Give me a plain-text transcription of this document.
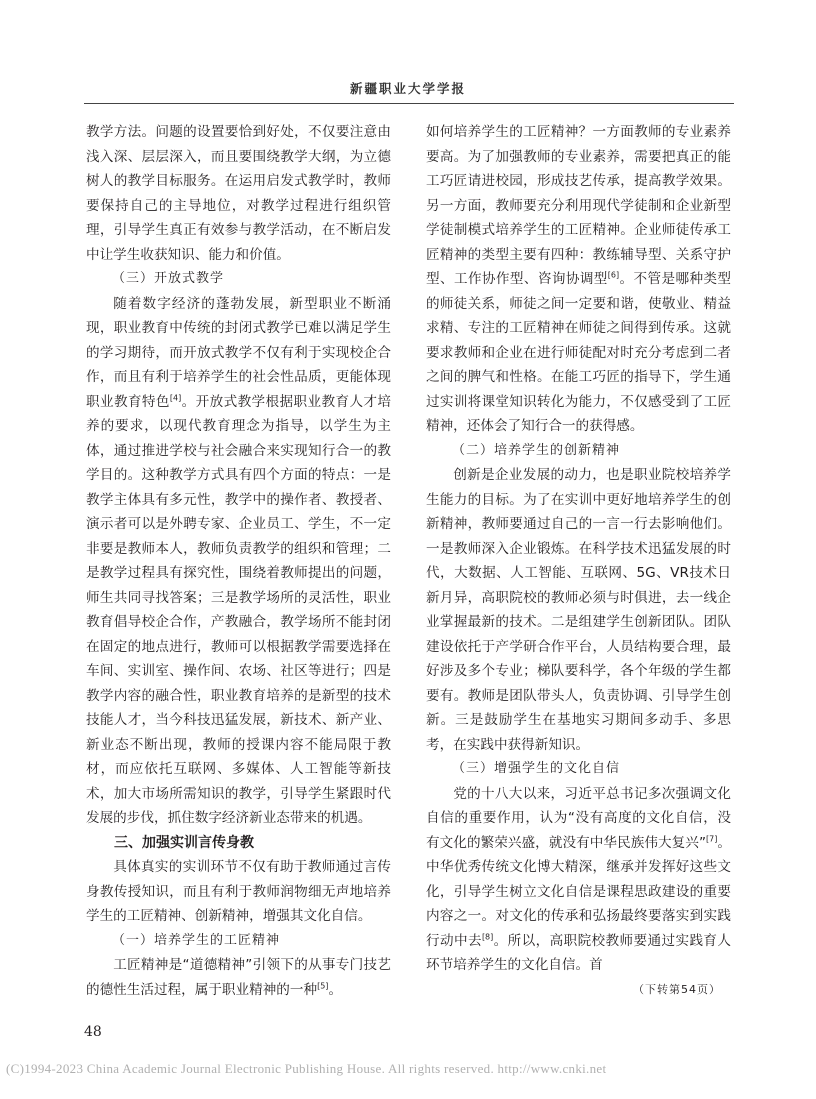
新疆职业大学学报

教学方法。问题的设置要恰到好处，不仅要注意由浅入深、层层深入，而且要围绕教学大纲，为立德树人的教学目标服务。在运用启发式教学时，教师要保持自己的主导地位，对教学过程进行组织管理，引导学生真正有效参与教学活动，在不断启发中让学生收获知识、能力和价值。

（三）开放式教学

随着数字经济的蓬勃发展，新型职业不断涌现，职业教育中传统的封闭式教学已难以满足学生的学习期待，而开放式教学不仅有利于实现校企合作，而且有利于培养学生的社会性品质，更能体现职业教育特色[4]。开放式教学根据职业教育人才培养的要求，以现代教育理念为指导，以学生为主体，通过推进学校与社会融合来实现知行合一的教学目的。这种教学方式具有四个方面的特点：一是教学主体具有多元性，教学中的操作者、教授者、演示者可以是外聘专家、企业员工、学生，不一定非要是教师本人，教师负责教学的组织和管理；二是教学过程具有探究性，围绕着教师提出的问题，师生共同寻找答案；三是教学场所的灵活性，职业教育倡导校企合作，产教融合，教学场所不能封闭在固定的地点进行，教师可以根据教学需要选择在车间、实训室、操作间、农场、社区等进行；四是教学内容的融合性，职业教育培养的是新型的技术技能人才，当今科技迅猛发展，新技术、新产业、新业态不断出现，教师的授课内容不能局限于教材，而应依托互联网、多媒体、人工智能等新技术，加大市场所需知识的教学，引导学生紧跟时代发展的步伐，抓住数字经济新业态带来的机遇。

三、加强实训言传身教

具体真实的实训环节不仅有助于教师通过言传身教传授知识，而且有利于教师润物细无声地培养学生的工匠精神、创新精神，增强其文化自信。

（一）培养学生的工匠精神

工匠精神是“道德精神”引领下的从事专门技艺的德性生活过程，属于职业精神的一种[5]。

如何培养学生的工匠精神？一方面教师的专业素养要高。为了加强教师的专业素养，需要把真正的能工巧匠请进校园，形成技艺传承，提高教学效果。另一方面，教师要充分利用现代学徒制和企业新型学徒制模式培养学生的工匠精神。企业师徒传承工匠精神的类型主要有四种：教练辅导型、关系守护型、工作协作型、咨询协调型[6]。不管是哪种类型的师徒关系，师徒之间一定要和谐，使敬业、精益求精、专注的工匠精神在师徒之间得到传承。这就要求教师和企业在进行师徒配对时充分考虑到二者之间的脾气和性格。在能工巧匠的指导下，学生通过实训将课堂知识转化为能力，不仅感受到了工匠精神，还体会了知行合一的获得感。

（二）培养学生的创新精神

创新是企业发展的动力，也是职业院校培养学生能力的目标。为了在实训中更好地培养学生的创新精神，教师要通过自己的一言一行去影响他们。一是教师深入企业锻炼。在科学技术迅猛发展的时代，大数据、人工智能、互联网、5G、VR技术日新月异，高职院校的教师必须与时俱进，去一线企业掌握最新的技术。二是组建学生创新团队。团队建设依托于产学研合作平台，人员结构要合理，最好涉及多个专业；梯队要科学，各个年级的学生都要有。教师是团队带头人，负责协调、引导学生创新。三是鼓励学生在基地实习期间多动手、多思考，在实践中获得新知识。

（三）增强学生的文化自信

党的十八大以来，习近平总书记多次强调文化自信的重要作用，认为“没有高度的文化自信，没有文化的繁荣兴盛，就没有中华民族伟大复兴”[7]。中华优秀传统文化博大精深，继承并发挥好这些文化，引导学生树立文化自信是课程思政建设的重要内容之一。对文化的传承和弘扬最终要落实到实践行动中去[8]。所以，高职院校教师要通过实践育人环节培养学生的文化自信。首

（下转第54页）

48
(C)1994-2023 China Academic Journal Electronic Publishing House. All rights reserved. http://www.cnki.net
